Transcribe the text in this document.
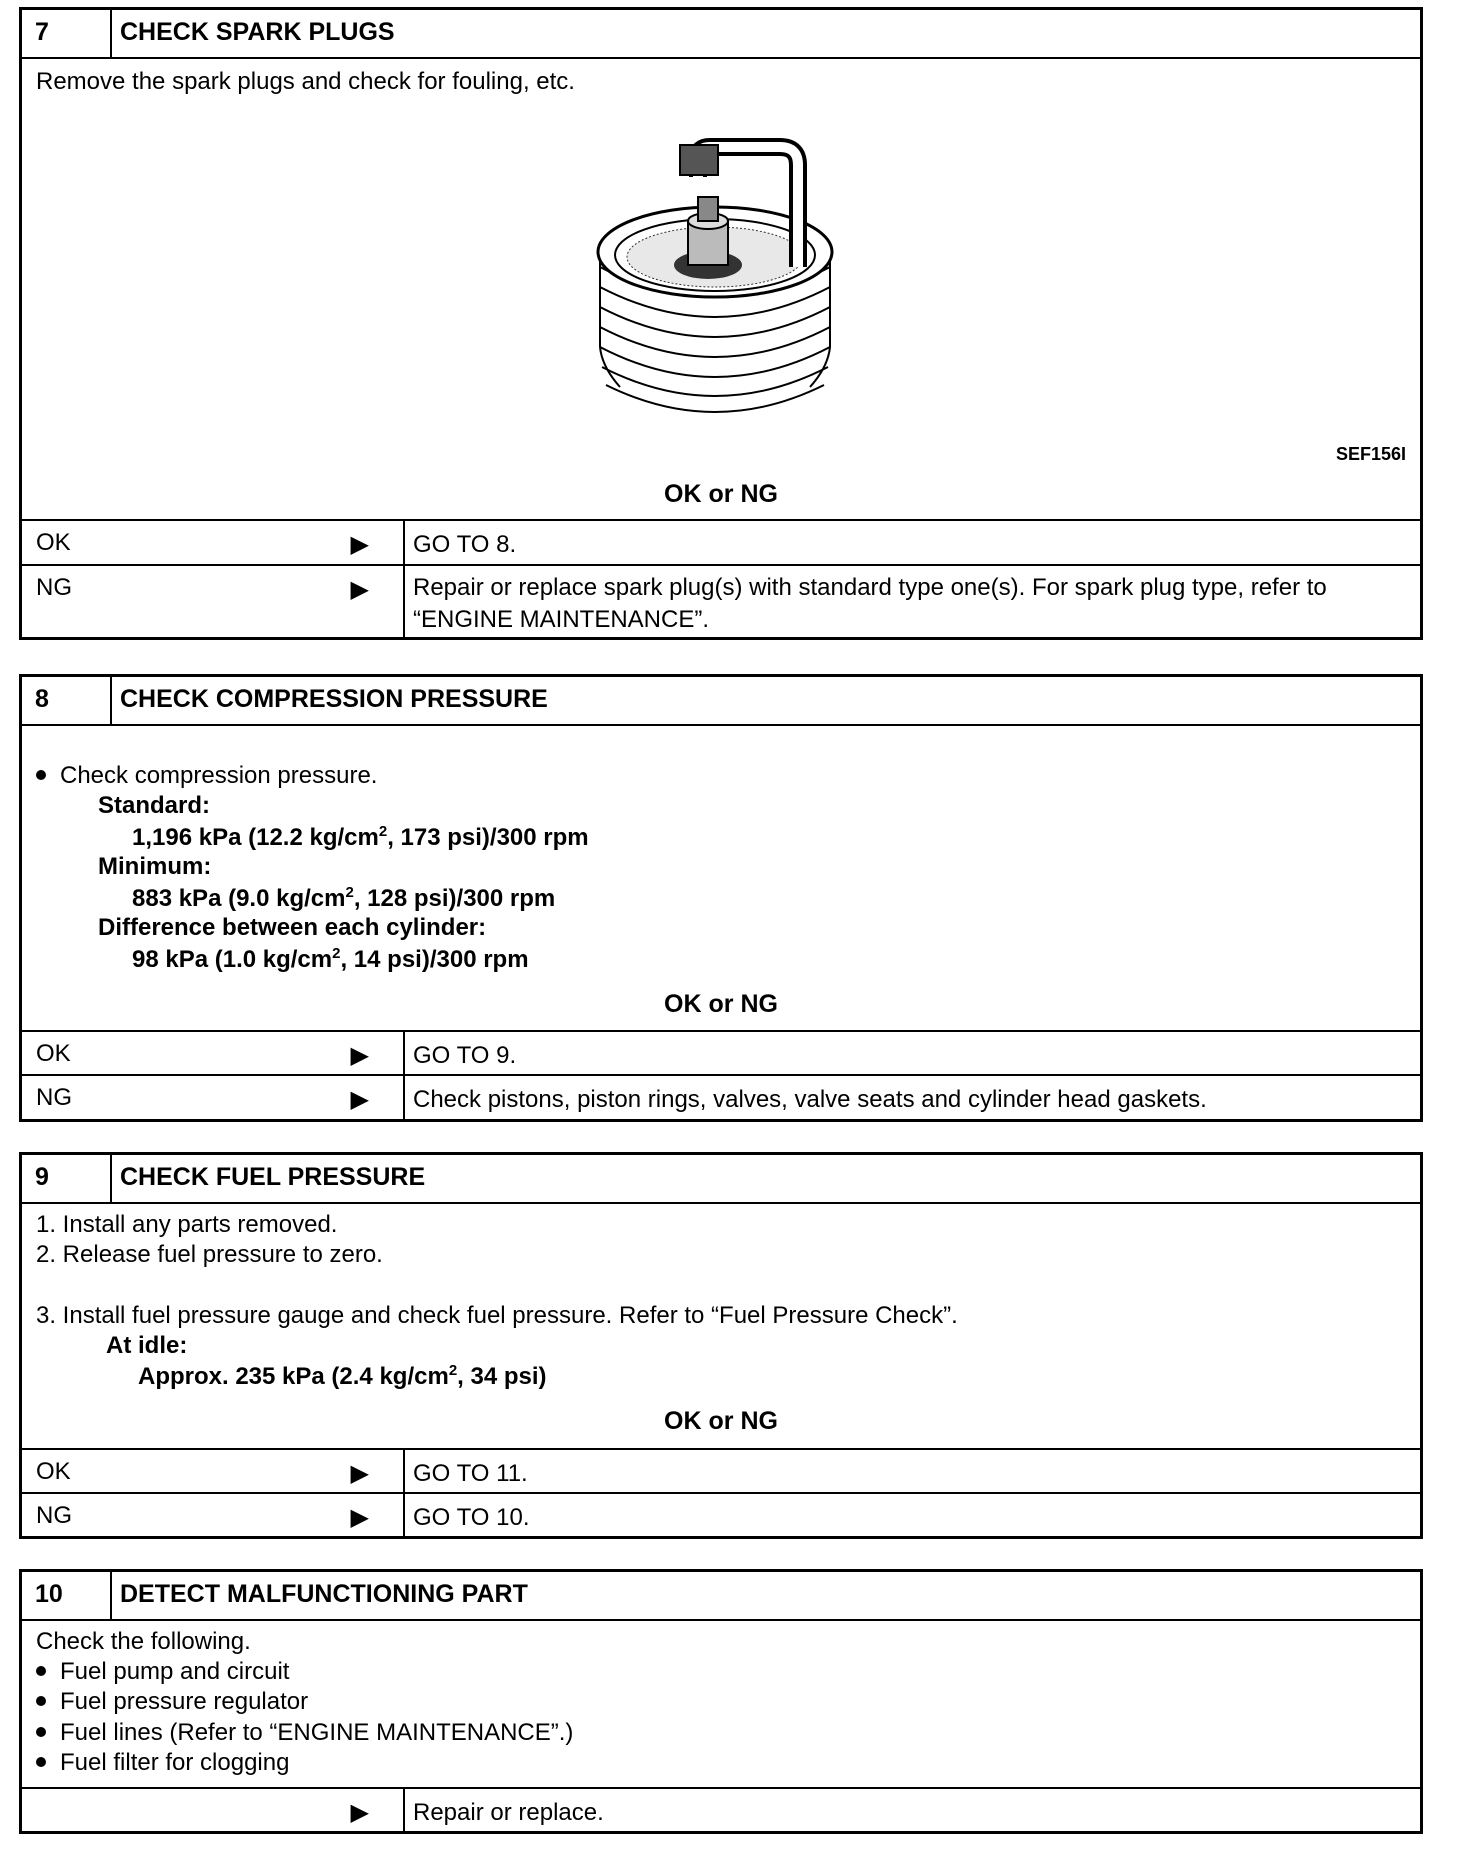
7	CHECK SPARK PLUGS
Remove the spark plugs and check for fouling, etc.
SEF156I
OK or NG
OK	▶	GO TO 8.
NG	▶ Repair or replace spark plug(s) with standard type one(s). For spark plug type, refer to
“ENGINE MAINTENANCE”.
8	CHECK COMPRESSION PRESSURE
Check compression pressure.
Standard:
1,196 kPa (12.2 $kg/cm^2$, 173 psi)/300 rpm
Minimum:
883 kPa (9.0 $kg/cm^2$, 128 psi)/300 rpm
Difference between each cylinder:
98 kPa (1.0 $kg/cm^2$, 14 psi)/300 rpm
OK or NG
OK	▶	GO TO 9.
NG	▶	Check pistons, piston rings, valves, valve seats and cylinder head gaskets.
9	CHECK FUEL PRESSURE
1. Install any parts removed.
2. Release fuel pressure to zero.
3. Install fuel pressure gauge and check fuel pressure. Refer to “Fuel Pressure Check”.
At idle:
Approx. 235 kPa (2.4 $kg/cm^2$, 34 psi)
OK or NG
OK	▶	GO TO 11.
NG	▶	GO TO 10.
10	DETECT MALFUNCTIONING PART
Check the following.
Fuel pump and circuit
Fuel pressure regulator
Fuel lines (Refer to “ENGINE MAINTENANCE”.)
Fuel filter for clogging
▶	Repair or replace.
